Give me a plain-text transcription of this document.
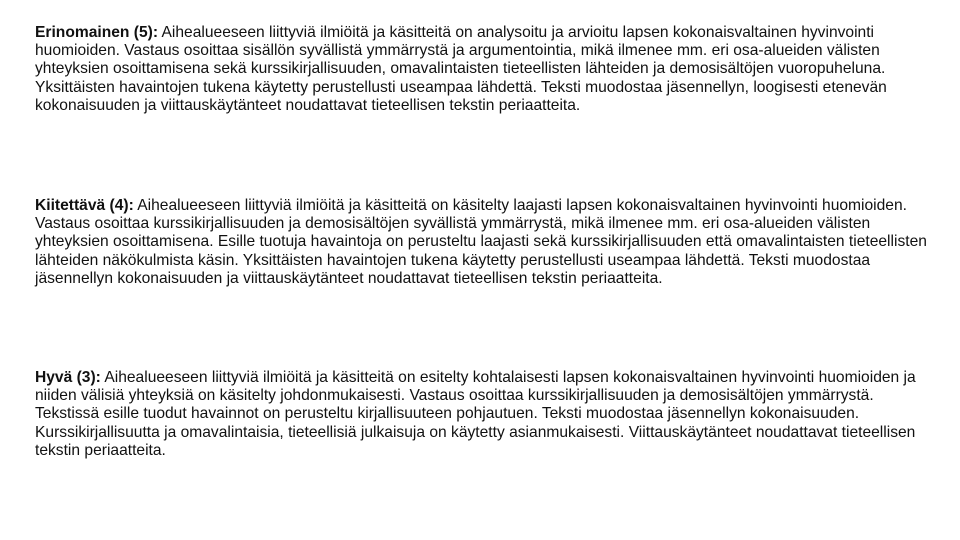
Erinomainen (5): Aihealueeseen liittyviä ilmiöitä ja käsitteitä on analysoitu ja arvioitu lapsen kokonaisvaltainen hyvinvointi huomioiden. Vastaus osoittaa sisällön syvällistä ymmärrystä ja argumentointia, mikä ilmenee mm. eri osa-alueiden välisten yhteyksien osoittamisena sekä kurssikirjallisuuden, omavalintaisten tieteellisten lähteiden ja demosisältöjen vuoropuheluna. Yksittäisten havaintojen tukena käytetty perustellusti useampaa lähdettä. Teksti muodostaa jäsennellyn, loogisesti etenevän kokonaisuuden ja viittauskäytänteet noudattavat tieteellisen tekstin periaatteita.

Kiitettävä (4): Aihealueeseen liittyviä ilmiöitä ja käsitteitä on käsitelty laajasti lapsen kokonaisvaltainen hyvinvointi huomioiden. Vastaus osoittaa kurssikirjallisuuden ja demosisältöjen syvällistä ymmärrystä, mikä ilmenee mm. eri osa-alueiden välisten yhteyksien osoittamisena. Esille tuotuja havaintoja on perusteltu laajasti sekä kurssikirjallisuuden että omavalintaisten tieteellisten lähteiden näkökulmista käsin. Yksittäisten havaintojen tukena käytetty perustellusti useampaa lähdettä. Teksti muodostaa jäsennellyn kokonaisuuden ja viittauskäytänteet noudattavat tieteellisen tekstin periaatteita.

Hyvä (3): Aihealueeseen liittyviä ilmiöitä ja käsitteitä on esitelty kohtalaisesti lapsen kokonaisvaltainen hyvinvointi huomioiden ja niiden välisiä yhteyksiä on käsitelty johdonmukaisesti. Vastaus osoittaa kurssikirjallisuuden ja demosisältöjen ymmärrystä. Tekstissä esille tuodut havainnot on perusteltu kirjallisuuteen pohjautuen. Teksti muodostaa jäsennellyn kokonaisuuden. Kurssikirjallisuutta ja omavalintaisia, tieteellisiä julkaisuja on käytetty asianmukaisesti. Viittauskäytänteet noudattavat tieteellisen tekstin periaatteita.
